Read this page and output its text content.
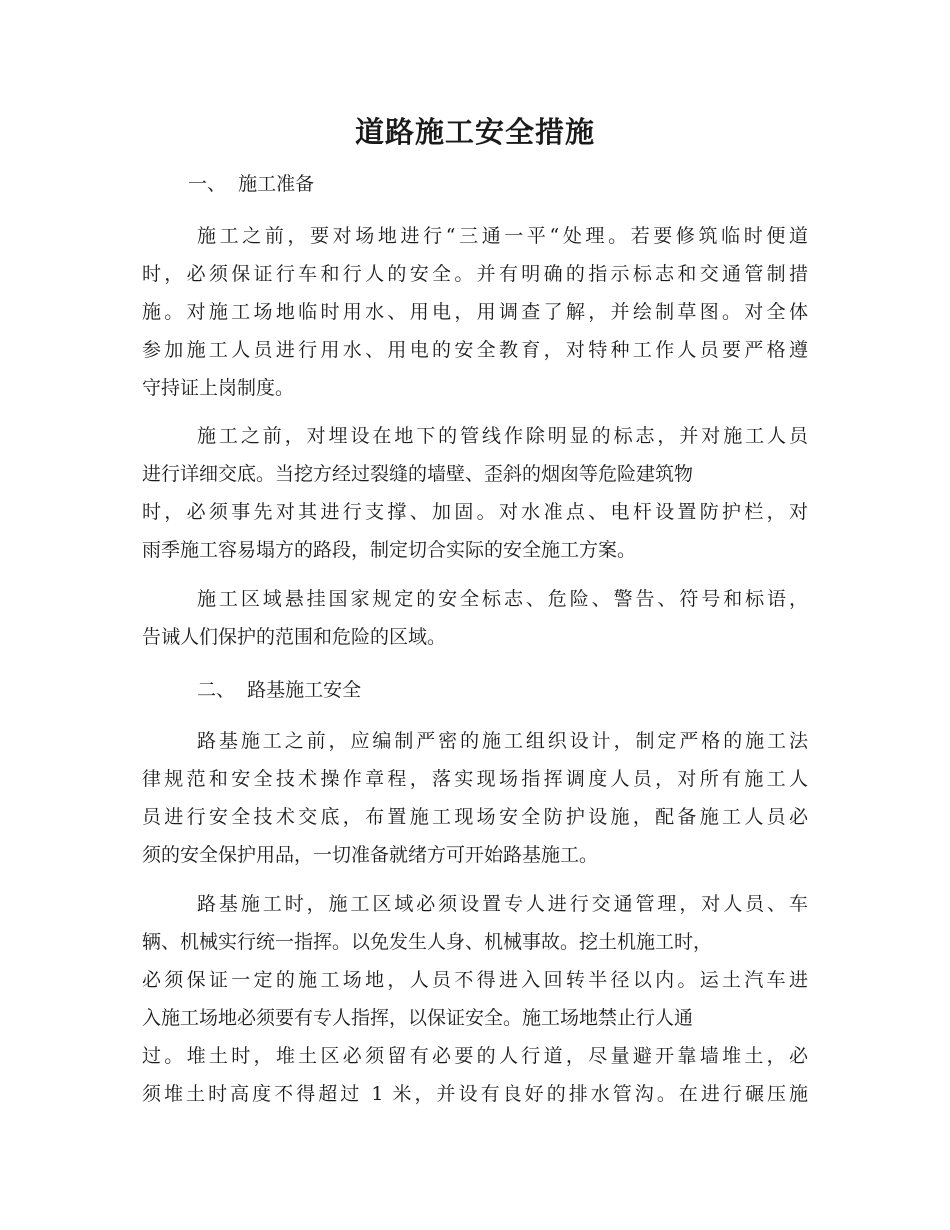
道路施工安全措施
一、  施工准备
施工之前，要对场地进行“三通一平“处理。若要修筑临时便道
时，必须保证行车和行人的安全。并有明确的指示标志和交通管制措
施。对施工场地临时用水、用电，用调查了解，并绘制草图。对全体
参加施工人员进行用水、用电的安全教育，对特种工作人员要严格遵
守持证上岗制度。
施工之前，对埋设在地下的管线作除明显的标志，并对施工人员
进行详细交底。当挖方经过裂缝的墙壁、歪斜的烟囱等危险建筑物
时，必须事先对其进行支撑、加固。对水准点、电杆设置防护栏，对
雨季施工容易塌方的路段，制定切合实际的安全施工方案。
施工区域悬挂国家规定的安全标志、危险、警告、符号和标语，
告诫人们保护的范围和危险的区域。
二、  路基施工安全
路基施工之前，应编制严密的施工组织设计，制定严格的施工法
律规范和安全技术操作章程，落实现场指挥调度人员，对所有施工人
员进行安全技术交底，布置施工现场安全防护设施，配备施工人员必
须的安全保护用品，一切准备就绪方可开始路基施工。
路基施工时，施工区域必须设置专人进行交通管理，对人员、车
辆、机械实行统一指挥。以免发生人身、机械事故。挖土机施工时，
必须保证一定的施工场地，人员不得进入回转半径以内。运土汽车进
入施工场地必须要有专人指挥，以保证安全。施工场地禁止行人通
过。堆土时，堆土区必须留有必要的人行道，尽量避开靠墙堆土，必
须堆土时高度不得超过 1 米，并设有良好的排水管沟。在进行碾压施
